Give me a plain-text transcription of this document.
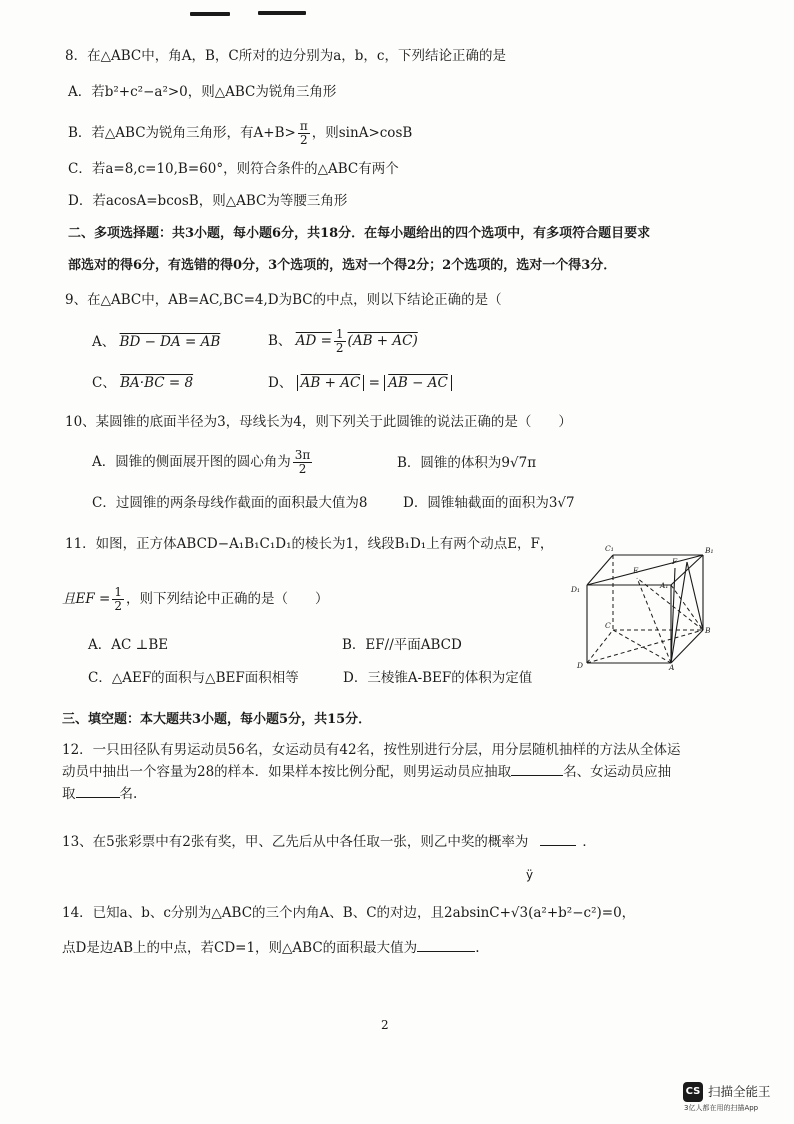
8．在△ABC中，角A，B，C所对的边分别为a，b，c，下列结论正确的是
A．若b²+c²−a²>0，则△ABC为锐角三角形
B．若△ABC为锐角三角形，有$A+B> \frac{\pi}{2}$ ，则sinA>cosB
C．若a=8,c=10,B=60°，则符合条件的△ABC有两个
D．若acosA=bcosB，则△ABC为等腰三角形
二、多项选择题：共3小题，每小题6分，共18分．在每小题给出的四个选项中，有多项符合题目要求
部选对的得6分，有选错的得0分，3个选项的，选对一个得2分；2个选项的，选对一个得3分．
9、在△ABC中，AB=AC,BC=4,D为BC的中点，则以下结论正确的是（
A、 BD − DA = AB	B、 AD = $\frac{1}{2} (AB + AC)$
C、 BA·BC = 8	D、 AB + AC = AB − AC
10、某圆锥的底面半径为3，母线长为4，则下列关于此圆锥的说法正确的是（　　）
A．圆锥的侧面展开图的圆心角为 $\frac{3\pi}{2}$	B．圆锥的体积为9√7π
C．过圆锥的两条母线作截面的面积最大值为8	D．圆锥轴截面的面积为3√7
11．如图，正方体ABCD−A₁B₁C₁D₁的棱长为1，线段B₁D₁上有两个动点E，F，
且EF = $\frac{1}{2}$ ，则下列结论中正确的是（　　）
A．AC ⊥BE	B．EF//平面ABCD
C．△AEF的面积与△BEF面积相等	D．三棱锥A-BEF的体积为定值
C₁	B₁
D₁	A₁
E
F
C
B
D	A
三、填空题：本大题共3小题，每小题5分，共15分．
12．一只田径队有男运动员56名，女运动员有42名，按性别进行分层，用分层随机抽样的方法从全体运
动员中抽出一个容量为28的样本．如果样本按比例分配，则男运动员应抽取	名、女运动员应抽
取	名.
13、在5张彩票中有2张有奖，甲、乙先后从中各任取一张，则乙中奖的概率为	．
ÿ
14．已知a、b、c分别为△ABC的三个内角A、B、C的对边，且2absinC+√3(a²+b²−c²)=0，
点D是边AB上的中点，若CD=1，则△ABC的面积最大值为	.
2
CS 扫描全能王
3亿人都在用的扫描App
